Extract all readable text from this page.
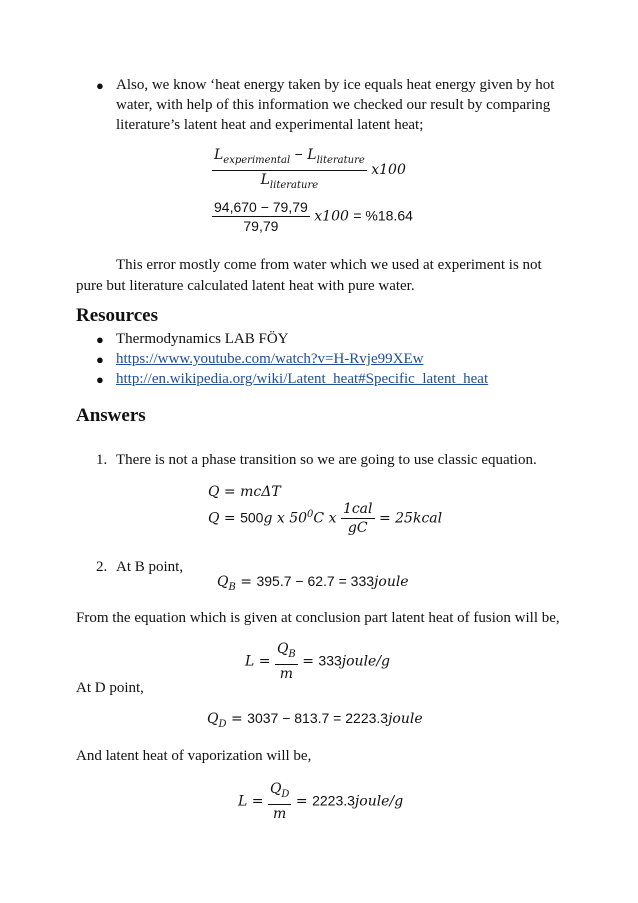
● Also, we know ‘heat energy taken by ice equals heat energy given by hot
water, with help of this information we checked our result by comparing
literature’s latent heat and experimental latent heat;
$\frac{L_{experimental} - L_{literature}}{L_{literature}} x100$
$\frac{94,670 - 79,79}{79,79} x100 = \%18.64$
This error mostly come from water which we used at experiment is not
pure but literature calculated latent heat with pure water.
Resources
● Thermodynamics LAB FÖY
● https://www.youtube.com/watch?v=H-Rvje99XEw
● http://en.wikipedia.org/wiki/Latent_heat#Specific_latent_heat
Answers
1. There is not a phase transition so we are going to use classic equation.
Q = mcΔT
Q = 500g x $50^0C$ x $\frac{\text{1cal}}{gC}$ = 25kcal
2. At B point,
$Q_B = 395.7 - 62.7$ = 333joule
From the equation which is given at conclusion part latent heat of fusion will be,
$L = \frac{Q_B}{m}$ = 333joule/g
At D point,
$Q_D = 3037 - 813.7$ = 2223.3joule
And latent heat of vaporization will be,
$L = \frac{Q_D}{m}$ = 2223.3joule/g
